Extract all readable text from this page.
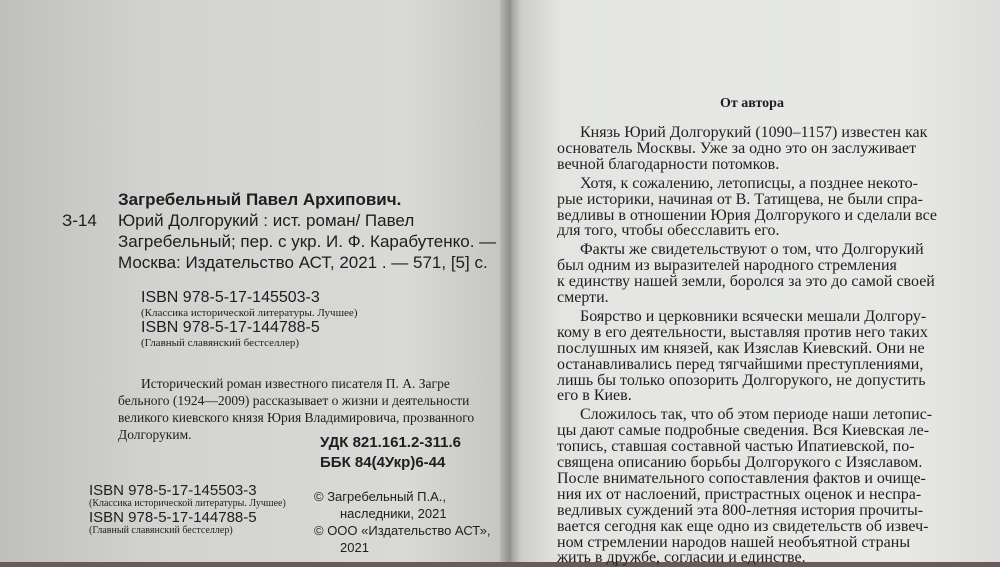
Загребельный Павел Архипович.
З-14 Юрий Долгорукий : ист. роман/ Павел
Загребельный; пер. с укр. И. Ф. Карабутенко. —
Москва: Издательство АСТ, 2021 . — 571, [5] с.
ISBN 978-5-17-145503-3
(Классика исторической литературы. Лучшее)
ISBN 978-5-17-144788-5
(Главный славянский бестселлер)
Исторический роман известного писателя П. А. Загре
бельного (1924—2009) рассказывает о жизни и деятельности
великого киевского князя Юрия Владимировича, прозванного
Долгоруким.	УДК 821.161.2-311.6
ББК 84(4Укр)6-44
ISBN 978-5-17-145503-3
(Классика исторической литературы. Лучшее)
ISBN 978-5-17-144788-5
(Главный славянский бестселлер)
© Загребельный П.А.,
наследники, 2021
© ООО «Издательство АСТ»,
2021
От автора
Князь Юрий Долгорукий (1090–1157) известен как
основатель Москвы. Уже за одно это он заслуживает
вечной благодарности потомков.
Хотя, к сожалению, летописцы, а позднее некото-
рые историки, начиная от В. Татищева, не были спра-
ведливы в отношении Юрия Долгорукого и сделали все
для того, чтобы обесславить его.
Факты же свидетельствуют о том, что Долгорукий
был одним из выразителей народного стремления
к единству нашей земли, боролся за это до самой своей
смерти.
Боярство и церковники всячески мешали Долгору-
кому в его деятельности, выставляя против него таких
послушных им князей, как Изяслав Киевский. Они не
останавливались перед тягчайшими преступлениями,
лишь бы только опозорить Долгорукого, не допустить
его в Киев.
Сложилось так, что об этом периоде наши летопис-
цы дают самые подробные сведения. Вся Киевская ле-
топись, ставшая составной частью Ипатиевской, по-
священа описанию борьбы Долгорукого с Изяславом.
После внимательного сопоставления фактов и очище-
ния их от наслоений, пристрастных оценок и неспра-
ведливых суждений эта 800-летняя история прочиты-
вается сегодня как еще одно из свидетельств об извеч-
ном стремлении народов нашей необъятной страны
жить в дружбе, согласии и единстве.
